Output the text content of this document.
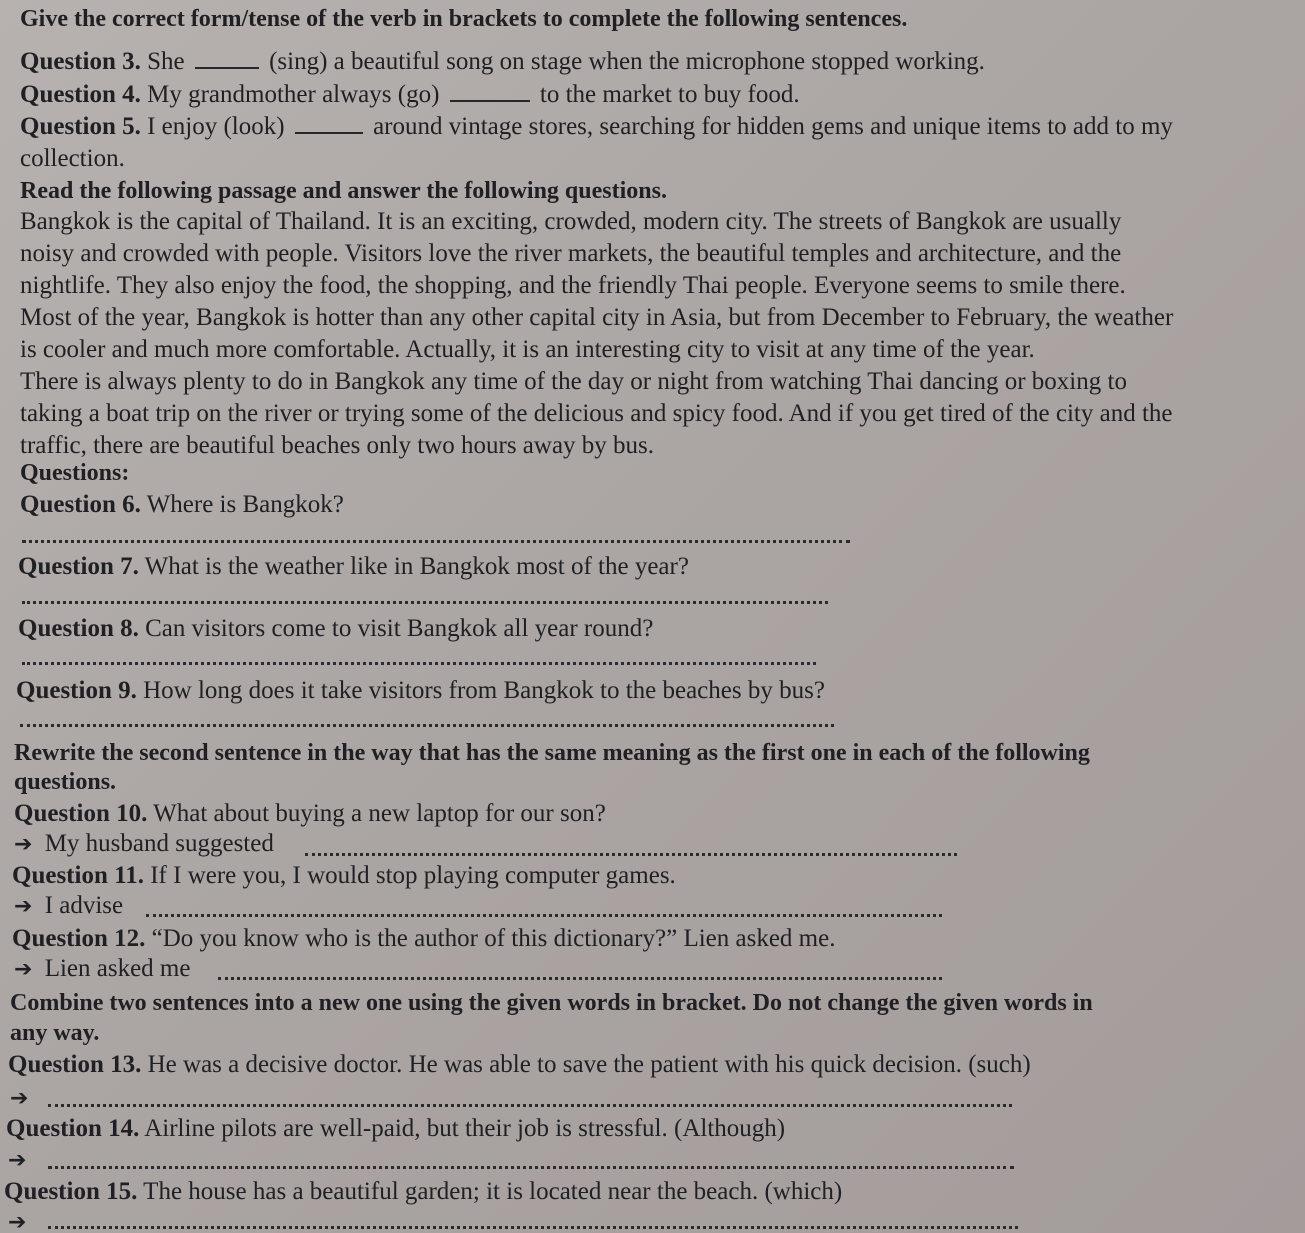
Give the correct form/tense of the verb in brackets to complete the following sentences.
Question 3. She	(sing) a beautiful song on stage when the microphone stopped working.
Question 4. My grandmother always (go)	to the market to buy food.
Question 5. I enjoy (look)	around vintage stores, searching for hidden gems and unique items to add to my
collection.
Read the following passage and answer the following questions.
Bangkok is the capital of Thailand. It is an exciting, crowded, modern city. The streets of Bangkok are usually
noisy and crowded with people. Visitors love the river markets, the beautiful temples and architecture, and the
nightlife. They also enjoy the food, the shopping, and the friendly Thai people. Everyone seems to smile there.
Most of the year, Bangkok is hotter than any other capital city in Asia, but from December to February, the weather
is cooler and much more comfortable. Actually, it is an interesting city to visit at any time of the year.
There is always plenty to do in Bangkok any time of the day or night from watching Thai dancing or boxing to
taking a boat trip on the river or trying some of the delicious and spicy food. And if you get tired of the city and the
traffic, there are beautiful beaches only two hours away by bus.
Questions:
Question 6. Where is Bangkok?
Question 7. What is the weather like in Bangkok most of the year?
Question 8. Can visitors come to visit Bangkok all year round?
Question 9. How long does it take visitors from Bangkok to the beaches by bus?
Rewrite the second sentence in the way that has the same meaning as the first one in each of the following
questions.
Question 10. What about buying a new laptop for our son?
➔ My husband suggested
Question 11. If I were you, I would stop playing computer games.
➔ I advise
Question 12. “Do you know who is the author of this dictionary?” Lien asked me.
➔ Lien asked me
Combine two sentences into a new one using the given words in bracket. Do not change the given words in
any way.
Question 13. He was a decisive doctor. He was able to save the patient with his quick decision. (such)
➔
Question 14. Airline pilots are well-paid, but their job is stressful. (Although)
➔
Question 15. The house has a beautiful garden; it is located near the beach. (which)
➔
